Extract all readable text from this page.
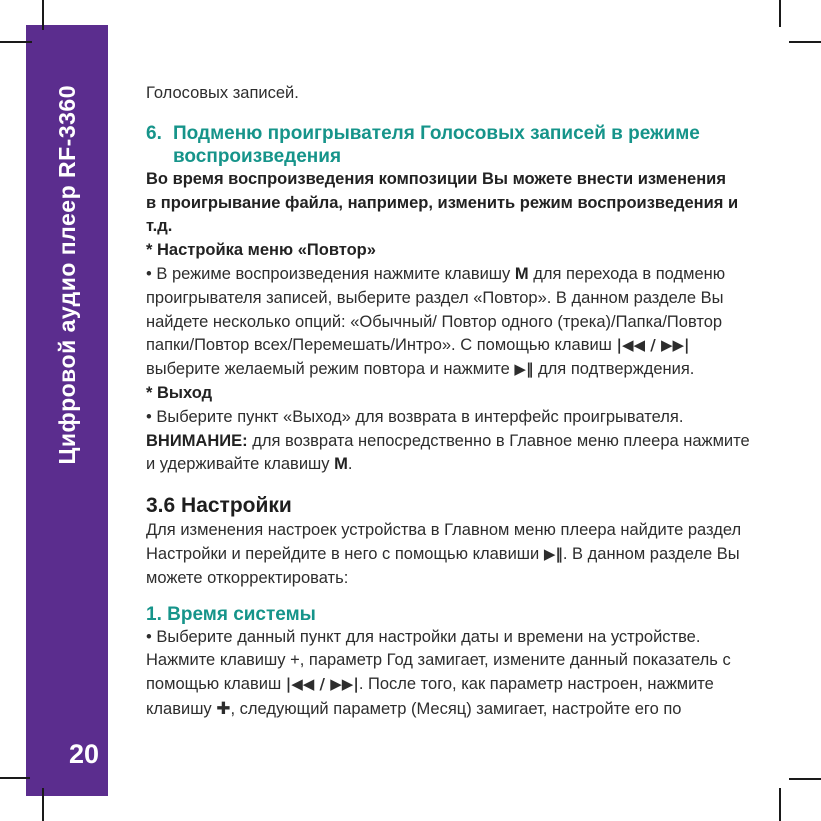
Цифровой аудио плеер RF-3360
20
Голосовых записей.
6. Подменю проигрывателя Голосовых записей в режиме
воспроизведения
Во время воспроизведения композиции Вы можете внести изменения
в проигрывание файла, например, изменить режим воспроизведения и
т.д.
* Настройка меню «Повтор»
• В режиме воспроизведения нажмите клавишу М для перехода в подменю
проигрывателя записей, выберите раздел «Повтор». В данном разделе Вы
найдете несколько опций: «Обычный/ Повтор одного (трека)/Папка/Повтор
папки/Повтор всех/Перемешать/Интро». С помощью клавиш |◀◀ / ▶▶|
выберите желаемый режим повтора и нажмите ▶‖ для подтверждения.
* Выход
• Выберите пункт «Выход» для возврата в интерфейс проигрывателя.
ВНИМАНИЕ: для возврата непосредственно в Главное меню плеера нажмите
и удерживайте клавишу М.
3.6 Настройки
Для изменения настроек устройства в Главном меню плеера найдите раздел
Настройки и перейдите в него с помощью клавиши ▶‖. В данном разделе Вы
можете откорректировать:
1. Время системы
• Выберите данный пункт для настройки даты и времени на устройстве.
Нажмите клавишу +, параметр Год замигает, измените данный показатель с
помощью клавиш |◀◀ / ▶▶|. После того, как параметр настроен, нажмите
клавишу ✚, следующий параметр (Месяц) замигает, настройте его по
